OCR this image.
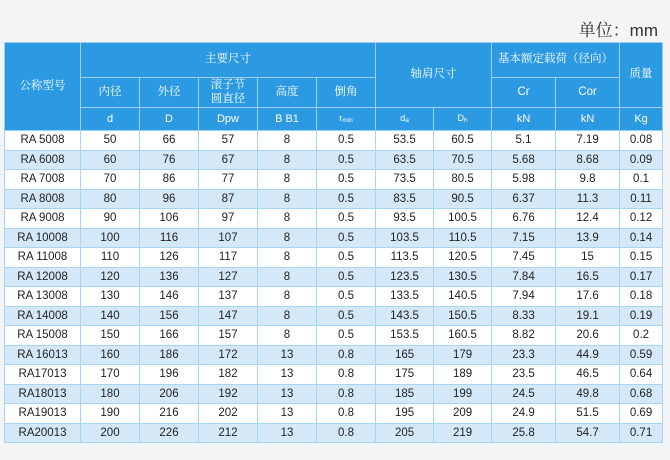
单位：mm
公称型号	主要尺寸					轴肩尺寸		基本额定载荷（径向）		质量
	内径	外径	滚子节
圆直径	高度	倒角			Cr	Cor	
	d	D	Dpw	B B1	rmin	da	Dh	kN	kN	Kg
RA 5008	50	66	57	8	0.5	53.5	60.5	5.1	7.19	0.08
RA 6008	60	76	67	8	0.5	63.5	70.5	5.68	8.68	0.09
RA 7008	70	86	77	8	0.5	73.5	80.5	5.98	9.8	0.1
RA 8008	80	96	87	8	0.5	83.5	90.5	6.37	11.3	0.11
RA 9008	90	106	97	8	0.5	93.5	100.5	6.76	12.4	0.12
RA 10008	100	116	107	8	0.5	103.5	110.5	7.15	13.9	0.14
RA 11008	110	126	117	8	0.5	113.5	120.5	7.45	15	0.15
RA 12008	120	136	127	8	0.5	123.5	130.5	7.84	16.5	0.17
RA 13008	130	146	137	8	0.5	133.5	140.5	7.94	17.6	0.18
RA 14008	140	156	147	8	0.5	143.5	150.5	8.33	19.1	0.19
RA 15008	150	166	157	8	0.5	153.5	160.5	8.82	20.6	0.2
RA 16013	160	186	172	13	0.8	165	179	23.3	44.9	0.59
RA17013	170	196	182	13	0.8	175	189	23.5	46.5	0.64
RA18013	180	206	192	13	0.8	185	199	24.5	49.8	0.68
RA19013	190	216	202	13	0.8	195	209	24.9	51.5	0.69
RA20013	200	226	212	13	0.8	205	219	25.8	54.7	0.71
